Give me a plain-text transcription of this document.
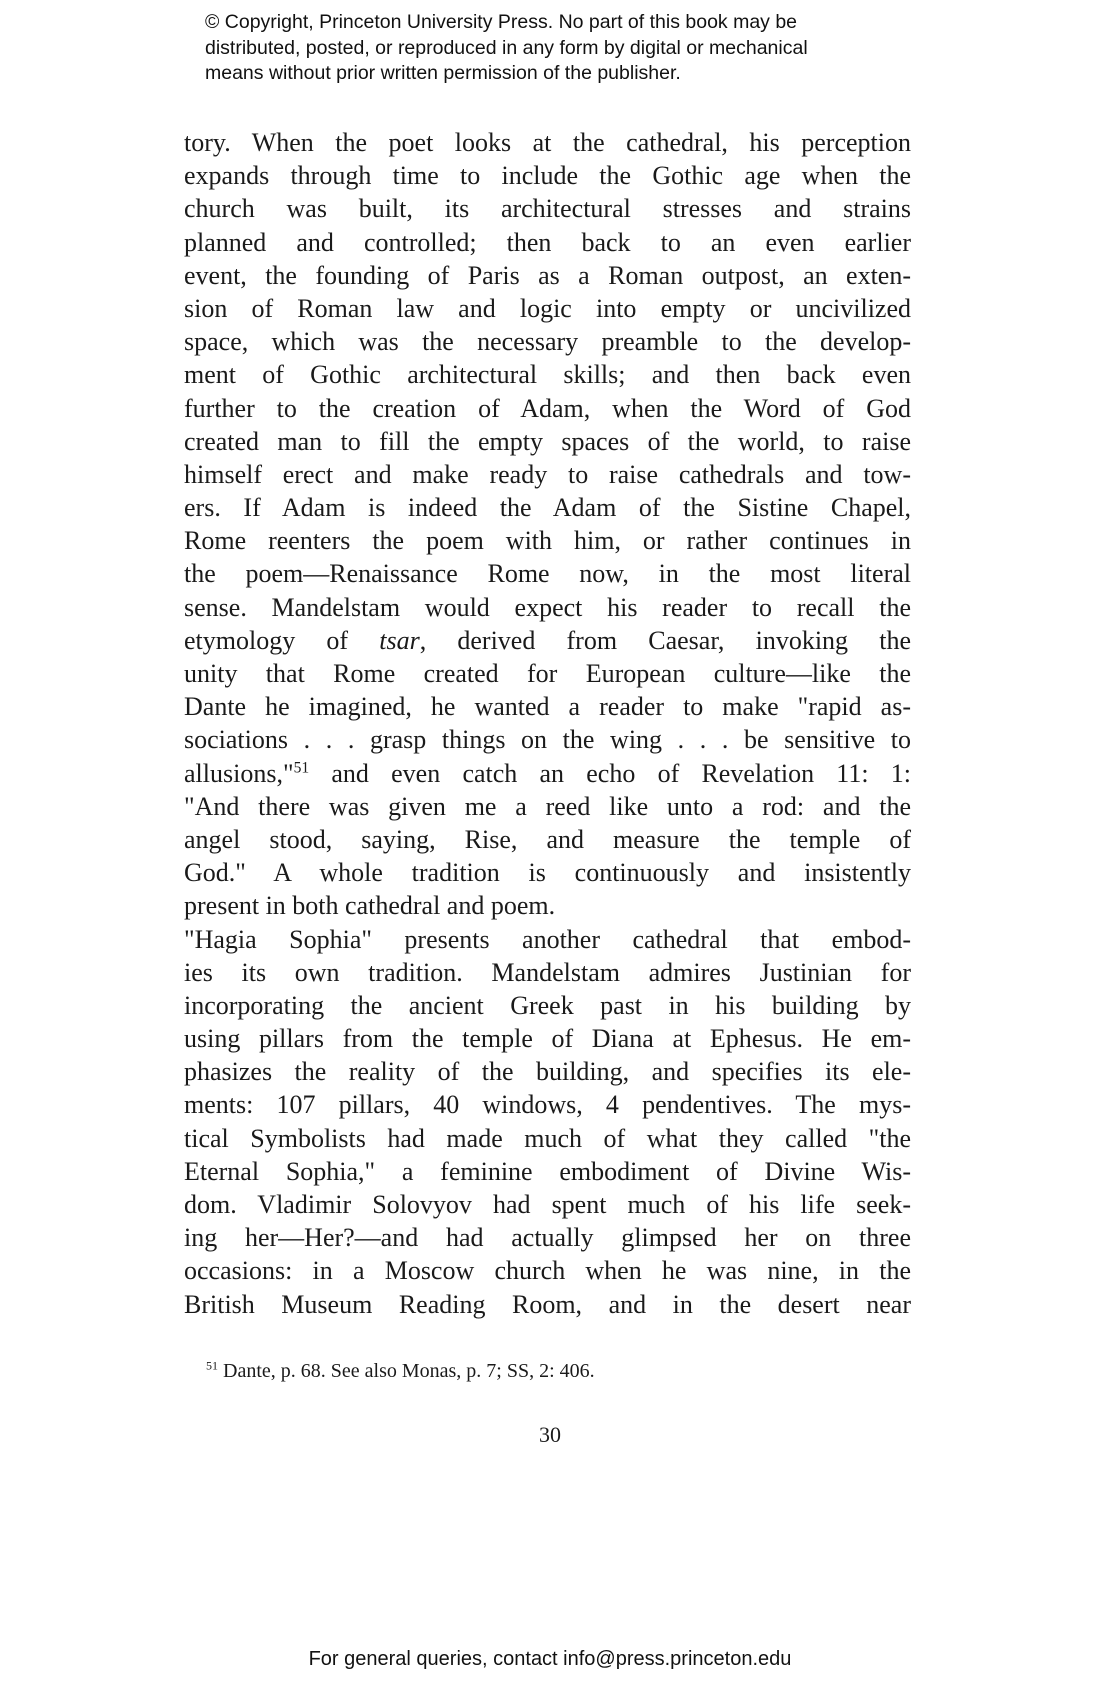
© Copyright, Princeton University Press. No part of this book may be
distributed, posted, or reproduced in any form by digital or mechanical
means without prior written permission of the publisher.
tory. When the poet looks at the cathedral, his perception
expands through time to include the Gothic age when the
church was built, its architectural stresses and strains
planned and controlled; then back to an even earlier
event, the founding of Paris as a Roman outpost, an exten-
sion of Roman law and logic into empty or uncivilized
space, which was the necessary preamble to the develop-
ment of Gothic architectural skills; and then back even
further to the creation of Adam, when the Word of God
created man to fill the empty spaces of the world, to raise
himself erect and make ready to raise cathedrals and tow-
ers. If Adam is indeed the Adam of the Sistine Chapel,
Rome reenters the poem with him, or rather continues in
the poem—Renaissance Rome now, in the most literal
sense. Mandelstam would expect his reader to recall the
etymology of tsar, derived from Caesar, invoking the
unity that Rome created for European culture—like the
Dante he imagined, he wanted a reader to make "rapid as-
sociations . . . grasp things on the wing . . . be sensitive to
allusions,"$^{51}$ and even catch an echo of Revelation 11: 1:
"And there was given me a reed like unto a rod: and the
angel stood, saying, Rise, and measure the temple of
God." A whole tradition is continuously and insistently
present in both cathedral and poem.
"Hagia Sophia" presents another cathedral that embod-
ies its own tradition. Mandelstam admires Justinian for
incorporating the ancient Greek past in his building by
using pillars from the temple of Diana at Ephesus. He em-
phasizes the reality of the building, and specifies its ele-
ments: 107 pillars, 40 windows, 4 pendentives. The mys-
tical Symbolists had made much of what they called "the
Eternal Sophia," a feminine embodiment of Divine Wis-
dom. Vladimir Solovyov had spent much of his life seek-
ing her—Her?—and had actually glimpsed her on three
occasions: in a Moscow church when he was nine, in the
British Museum Reading Room, and in the desert near
$^{51}$ Dante, p. 68. See also Monas, p. 7; SS, 2: 406.
30
For general queries, contact info@press.princeton.edu
